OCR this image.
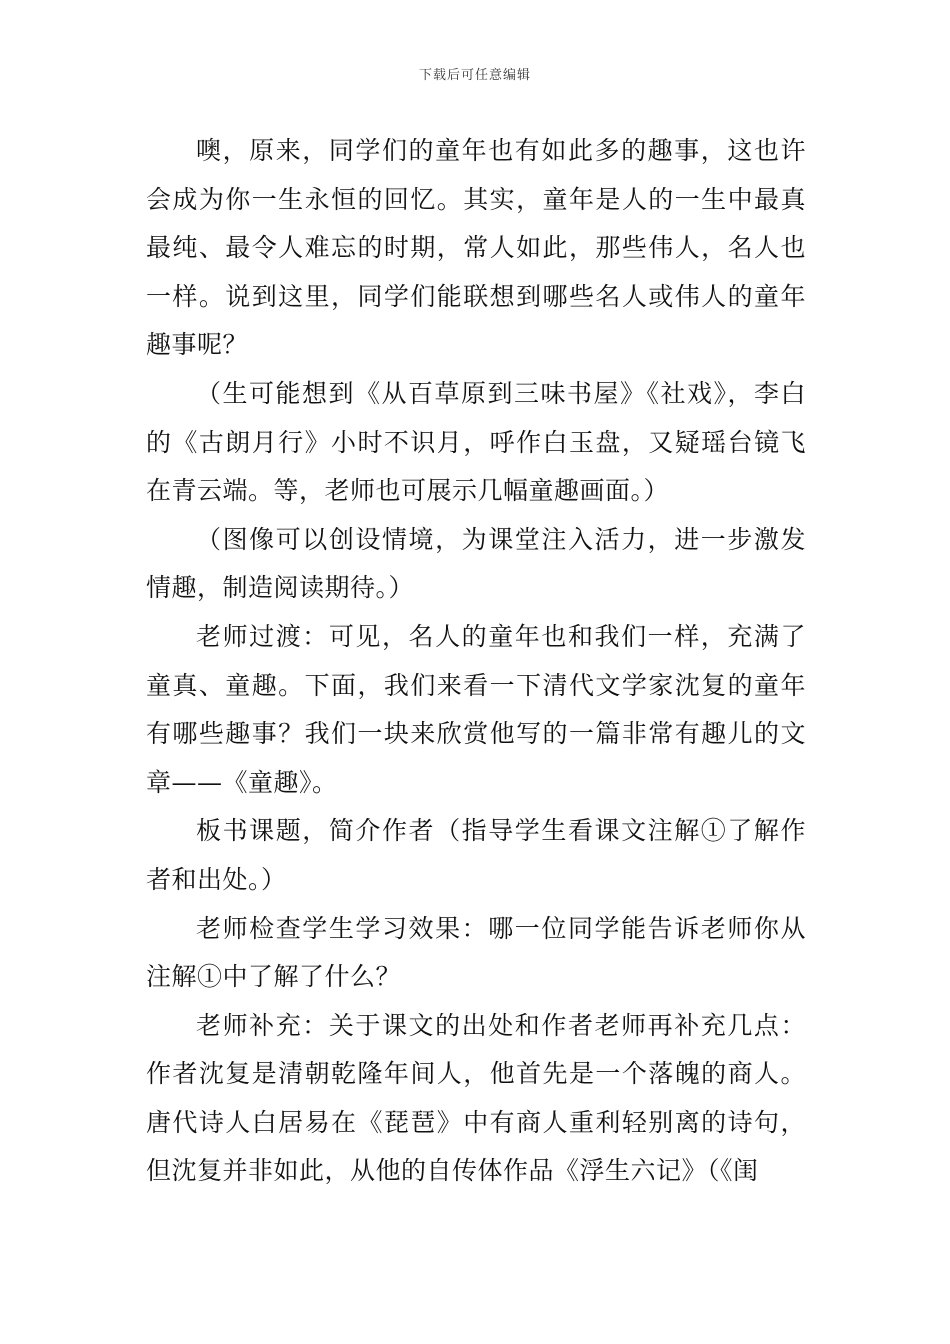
下载后可任意编辑

噢，原来，同学们的童年也有如此多的趣事，这也许会成为你一生永恒的回忆。其实，童年是人的一生中最真最纯、最令人难忘的时期，常人如此，那些伟人，名人也一样。说到这里，同学们能联想到哪些名人或伟人的童年趣事呢？

（生可能想到《从百草原到三味书屋》《社戏》，李白的《古朗月行》小时不识月，呼作白玉盘，又疑瑶台镜飞在青云端。等，老师也可展示几幅童趣画面。）

（图像可以创设情境，为课堂注入活力，进一步激发情趣，制造阅读期待。）

老师过渡：可见，名人的童年也和我们一样，充满了童真、童趣。下面，我们来看一下清代文学家沈复的童年有哪些趣事？我们一块来欣赏他写的一篇非常有趣儿的文章——《童趣》。

板书课题，简介作者（指导学生看课文注解①了解作者和出处。）

老师检查学生学习效果：哪一位同学能告诉老师你从注解①中了解了什么？

老师补充：关于课文的出处和作者老师再补充几点：作者沈复是清朝乾隆年间人，他首先是一个落魄的商人。唐代诗人白居易在《琵琶》中有商人重利轻别离的诗句，但沈复并非如此，从他的自传体作品《浮生六记》（《闺
